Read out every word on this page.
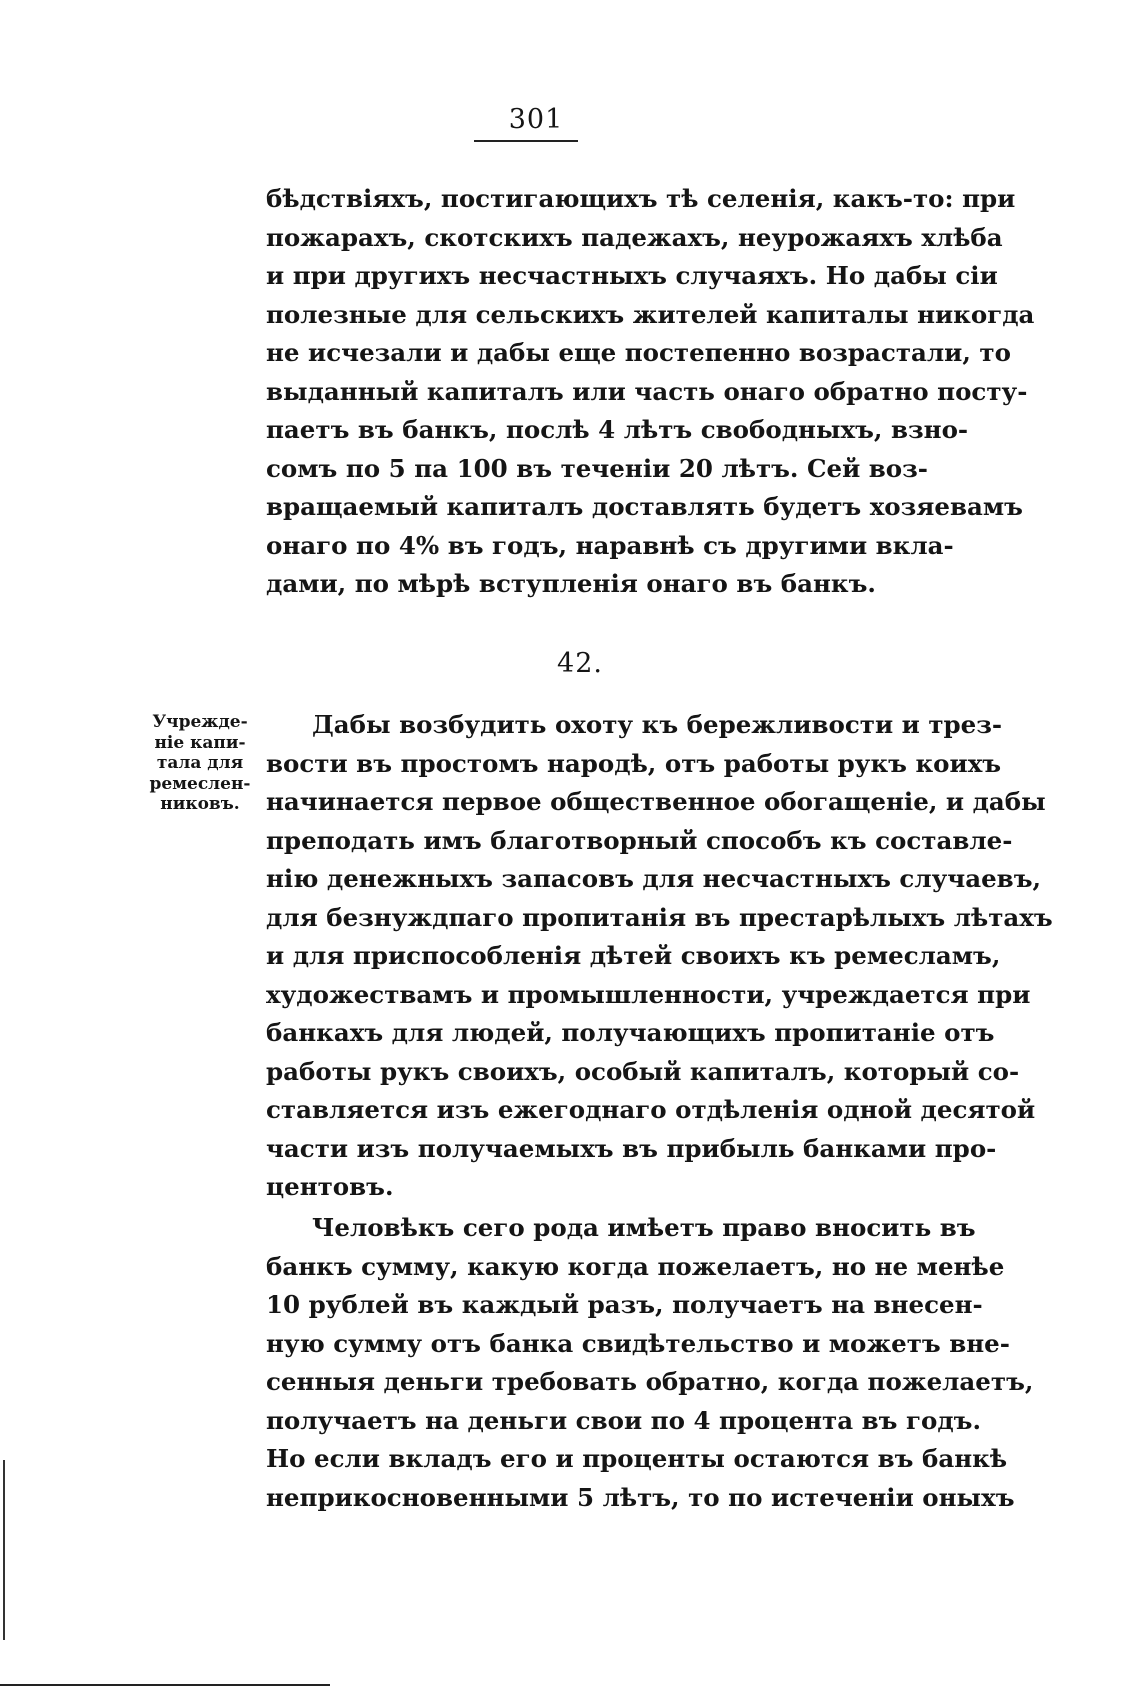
301
бѣдствіяхъ, постигающихъ тѣ селенія, какъ-то: при
пожарахъ, скотскихъ падежахъ, неурожаяхъ хлѣба
и при другихъ несчастныхъ случаяхъ. Но дабы сіи
полезные для сельскихъ жителей капиталы никогда
не исчезали и дабы еще постепенно возрастали, то
выданный капиталъ или часть онаго обратно посту-
паетъ въ банкъ, послѣ 4 лѣтъ свободныхъ, взно-
сомъ по 5 па 100 въ теченіи 20 лѣтъ. Сей воз-
вращаемый капиталъ доставлять будетъ хозяевамъ
онаго по 4% въ годъ, наравнѣ съ другими вкла-
дами, по мѣрѣ вступленія онаго въ банкъ.
42.
Учрежде-
ніе капи-
тала для
ремеслен-
никовъ.
Дабы возбудить охоту къ бережливости и трез-
вости въ простомъ народѣ, отъ работы рукъ коихъ
начинается первое общественное обогащеніе, и дабы
преподать имъ благотворный способъ къ составле-
нію денежныхъ запасовъ для несчастныхъ случаевъ,
для безнуждпаго пропитанія въ престарѣлыхъ лѣтахъ
и для приспособленія дѣтей своихъ къ ремесламъ,
художествамъ и промышленности, учреждается при
банкахъ для людей, получающихъ пропитаніе отъ
работы рукъ своихъ, особый капиталъ, который со-
ставляется изъ ежегоднаго отдѣленія одной десятой
части изъ получаемыхъ въ прибыль банками про-
центовъ.
Человѣкъ сего рода имѣетъ право вносить въ
банкъ сумму, какую когда пожелаетъ, но не менѣе
10 рублей въ каждый разъ, получаетъ на внесен-
ную сумму отъ банка свидѣтельство и можетъ вне-
сенныя деньги требовать обратно, когда пожелаетъ,
получаетъ на деньги свои по 4 процента въ годъ.
Но если вкладъ его и проценты остаются въ банкѣ
неприкосновенными 5 лѣтъ, то по истеченіи оныхъ
